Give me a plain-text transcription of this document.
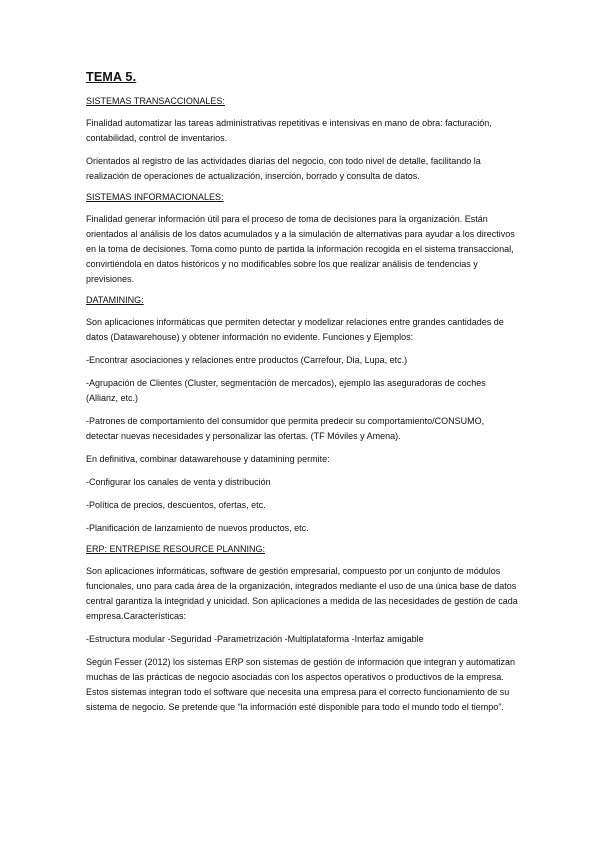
TEMA 5.
SISTEMAS TRANSACCIONALES:

Finalidad automatizar las tareas administrativas repetitivas e intensivas en mano de obra: facturación, contabilidad, control de inventarios.

Orientados al registro de las actividades diarias del negocio, con todo nivel de detalle, facilitando la realización de operaciones de actualización, inserción, borrado y consulta de datos.

SISTEMAS INFORMACIONALES:

Finalidad generar información útil para el proceso de toma de decisiones para la organización. Están orientados al análisis de los datos acumulados y a la simulación de alternativas para ayudar a los directivos en la toma de decisiones. Toma como punto de partida la información recogida en el sistema transaccional, convirtiéndola en datos históricos y no modificables sobre los que realizar análisis de tendencias y previsiones.

DATAMINING:

Son aplicaciones informáticas que permiten detectar y modelizar relaciones entre grandes cantidades de datos (Datawarehouse) y obtener información no evidente. Funciones y Ejemplos:

-Encontrar asociaciones y relaciones entre productos (Carrefour, Dia, Lupa, etc.)

-Agrupación de Clientes (Cluster, segmentación de mercados), ejemplo las aseguradoras de coches (Allianz, etc.)

-Patrones de comportamiento del consumidor que permita predecir su comportamiento/CONSUMO, detectar nuevas necesidades y personalizar las ofertas. (TF Móviles y Amena).

En definitiva, combinar datawarehouse y datamining permite:

-Configurar los canales de venta y distribución

-Política de precios, descuentos, ofertas, etc.

-Planificación de lanzamiento de nuevos productos, etc.

ERP: ENTREPISE RESOURCE PLANNING:

Son aplicaciones informáticas, software de gestión empresarial, compuesto por un conjunto de módulos funcionales, uno para cada área de la organización, integrados mediante el uso de una única base de datos central garantiza la integridad y unicidad. Son aplicaciones a medida de las necesidades de gestión de cada empresa.Características:

-Estructura modular -Seguridad -Parametrización -Multiplataforma -Interfaz amigable

Según Fesser (2012) los sistemas ERP son sistemas de gestión de información que integran y automatizan muchas de las prácticas de negocio asociadas con los aspectos operativos o productivos de la empresa. Estos sistemas integran todo el software que necesita una empresa para el correcto funcionamiento de su sistema de negocio. Se pretende que “la información esté disponible para todo el mundo todo el tiempo”.
